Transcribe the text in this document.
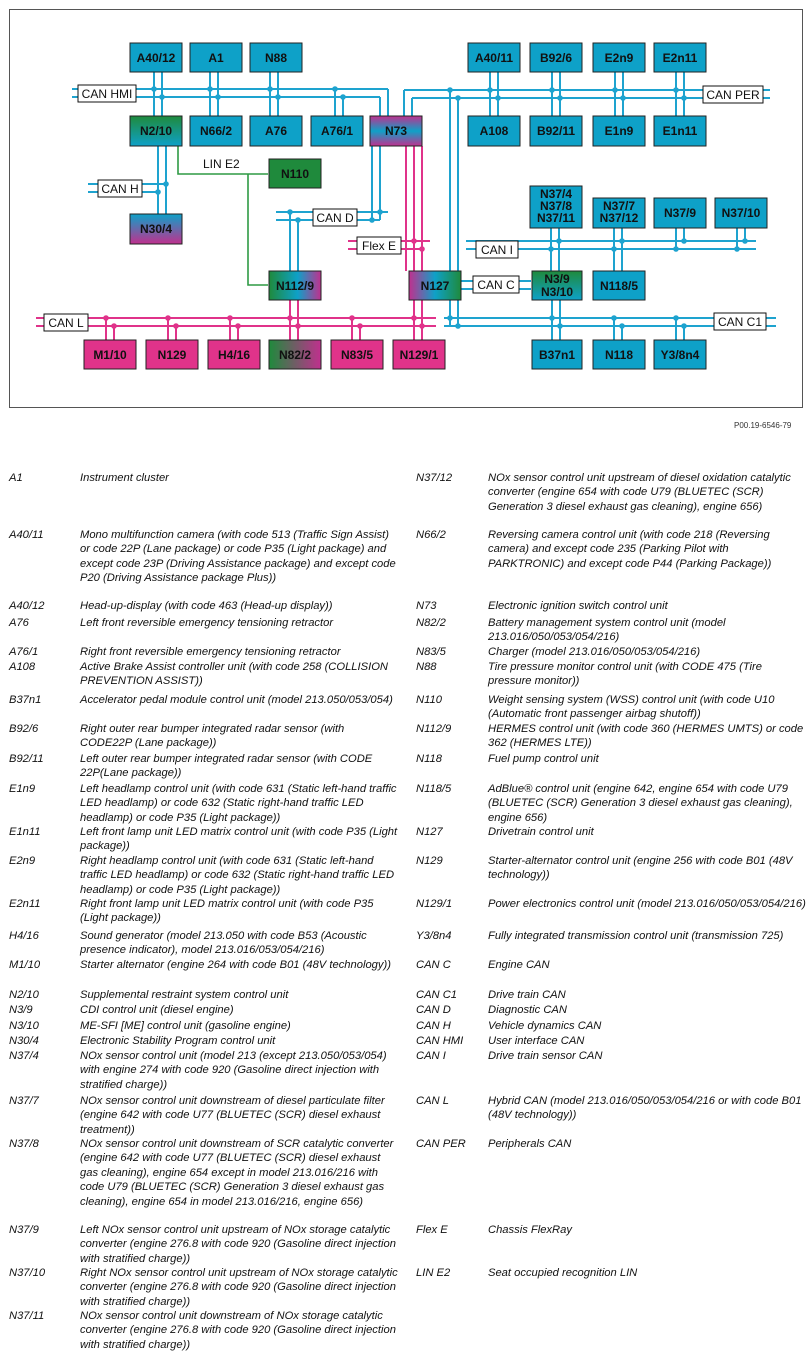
CAN HMI	CAN PER
LIN E2
CAN H
CAN D
Flex E	CAN I
CAN C
CAN L	CAN C1
A40/12	A1	N88
N2/10 N66/2	A76	A76/1	N73
N110
N30/4
N112/9	N127
A40/11 B92/6	E2n9 E2n11
A108 B92/11 E1n9 E1n11
N37/4
N37/8
N37/11
N37/7
N37/12 N37/9 N37/10
N3/9
N3/10 N118/5
B37n1 N118 Y3/8n4
M1/10	N129	H4/16 N82/2 N83/5 N129/1
P00.19-6546-79
A1	Instrument cluster
A40/11	Mono multifunction camera (with code 513 (Traffic Sign Assist) or code 22P (Lane package) or code P35 (Light package) and except code 23P (Driving Assistance package) and except code P20 (Driving Assistance package Plus))
A40/12	Head-up-display (with code 463 (Head-up display))
A76	Left front reversible emergency tensioning retractor
A76/1	Right front reversible emergency tensioning retractor
A108	Active Brake Assist controller unit (with code 258 (COLLISION PREVENTION ASSIST))
B37n1	Accelerator pedal module control unit (model 213.050/053/054)
B92/6	Right outer rear bumper integrated radar sensor (with CODE22P (Lane package))
B92/11	Left outer rear bumper integrated radar sensor (with CODE 22P(Lane package))
E1n9	Left headlamp control unit (with code 631 (Static left-hand traffic LED headlamp) or code 632 (Static right-hand traffic LED headlamp) or code P35 (Light package))
E1n11	Left front lamp unit LED matrix control unit (with code P35 (Light package))
E2n9	Right headlamp control unit (with code 631 (Static left-hand traffic LED headlamp) or code 632 (Static right-hand traffic LED headlamp) or code P35 (Light package))
E2n11	Right front lamp unit LED matrix control unit (with code P35 (Light package))
H4/16	Sound generator (model 213.050 with code B53 (Acoustic presence indicator), model 213.016/053/054/216)
M1/10	Starter alternator (engine 264 with code B01 (48V technology))
N2/10	Supplemental restraint system control unit
N3/9	CDI control unit (diesel engine)
N3/10	ME-SFI [ME] control unit (gasoline engine)
N30/4	Electronic Stability Program control unit
N37/4	NOx sensor control unit (model 213 (except 213.050/053/054) with engine 274 with code 920 (Gasoline direct injection with stratified charge))
N37/7	NOx sensor control unit downstream of diesel particulate filter (engine 642 with code U77 (BLUETEC (SCR) diesel exhaust treatment))
N37/8	NOx sensor control unit downstream of SCR catalytic converter (engine 642 with code U77 (BLUETEC (SCR) diesel exhaust gas cleaning), engine 654 except in model 213.016/216 with code U79 (BLUETEC (SCR) Generation 3 diesel exhaust gas cleaning), engine 654 in model 213.016/216, engine 656)
N37/9	Left NOx sensor control unit upstream of NOx storage catalytic converter (engine 276.8 with code 920 (Gasoline direct injection with stratified charge))
N37/10	Right NOx sensor control unit upstream of NOx storage catalytic converter (engine 276.8 with code 920 (Gasoline direct injection with stratified charge))
N37/11	NOx sensor control unit downstream of NOx storage catalytic converter (engine 276.8 with code 920 (Gasoline direct injection with stratified charge))
N37/12	NOx sensor control unit upstream of diesel oxidation catalytic converter (engine 654 with code U79 (BLUETEC (SCR) Generation 3 diesel exhaust gas cleaning), engine 656)
N66/2	Reversing camera control unit (with code 218 (Reversing camera) and except code 235 (Parking Pilot with PARKTRONIC) and except code P44 (Parking Package))
N73	Electronic ignition switch control unit
N82/2	Battery management system control unit (model 213.016/050/053/054/216)
N83/5	Charger (model 213.016/050/053/054/216)
N88	Tire pressure monitor control unit (with CODE 475 (Tire pressure monitor))
N110	Weight sensing system (WSS) control unit (with code U10 (Automatic front passenger airbag shutoff))
N112/9	HERMES control unit (with code 360 (HERMES UMTS) or code 362 (HERMES LTE))
N118	Fuel pump control unit
N118/5	AdBlue® control unit (engine 642, engine 654 with code U79 (BLUETEC (SCR) Generation 3 diesel exhaust gas cleaning), engine 656)
N127	Drivetrain control unit
N129	Starter-alternator control unit (engine 256 with code B01 (48V technology))
N129/1	Power electronics control unit (model 213.016/050/053/054/216)
Y3/8n4	Fully integrated transmission control unit (transmission 725)
CAN C	Engine CAN
CAN C1	Drive train CAN
CAN D	Diagnostic CAN
CAN H	Vehicle dynamics CAN
CAN HMI	User interface CAN
CAN I	Drive train sensor CAN
CAN L	Hybrid CAN (model 213.016/050/053/054/216 or with code B01 (48V technology))
CAN PER	Peripherals CAN
Flex E	Chassis FlexRay
LIN E2	Seat occupied recognition LIN
